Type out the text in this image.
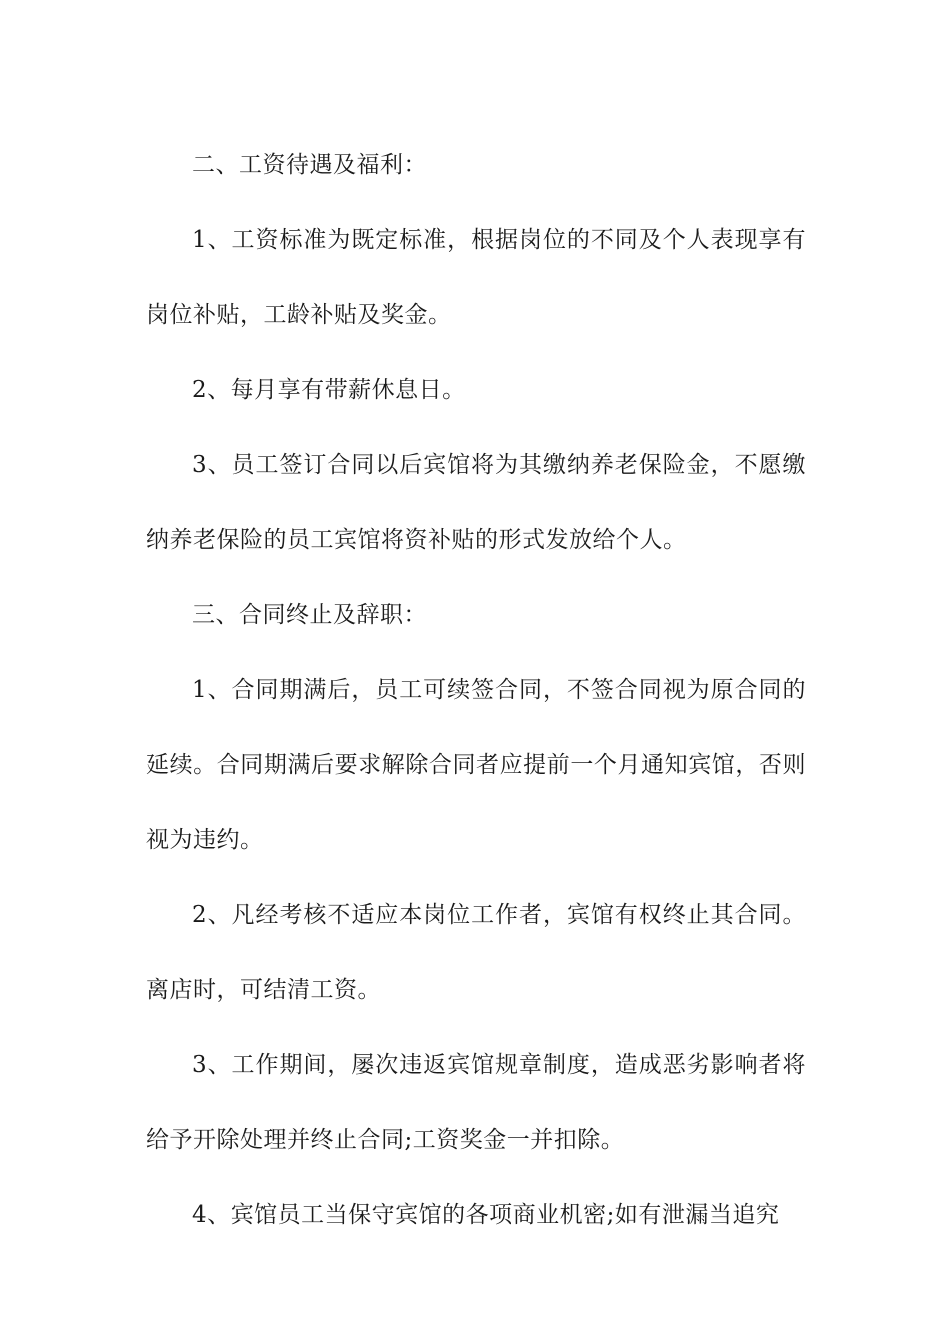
二、工资待遇及福利：

1、工资标准为既定标准，根据岗位的不同及个人表现享有岗位补贴，工龄补贴及奖金。

2、每月享有带薪休息日。

3、员工签订合同以后宾馆将为其缴纳养老保险金，不愿缴纳养老保险的员工宾馆将资补贴的形式发放给个人。

三、合同终止及辞职：

1、合同期满后，员工可续签合同，不签合同视为原合同的延续。合同期满后要求解除合同者应提前一个月通知宾馆，否则视为违约。

2、凡经考核不适应本岗位工作者，宾馆有权终止其合同。离店时，可结清工资。

3、工作期间，屡次违返宾馆规章制度，造成恶劣影响者将给予开除处理并终止合同;工资奖金一并扣除。

4、宾馆员工当保守宾馆的各项商业机密;如有泄漏当追究
